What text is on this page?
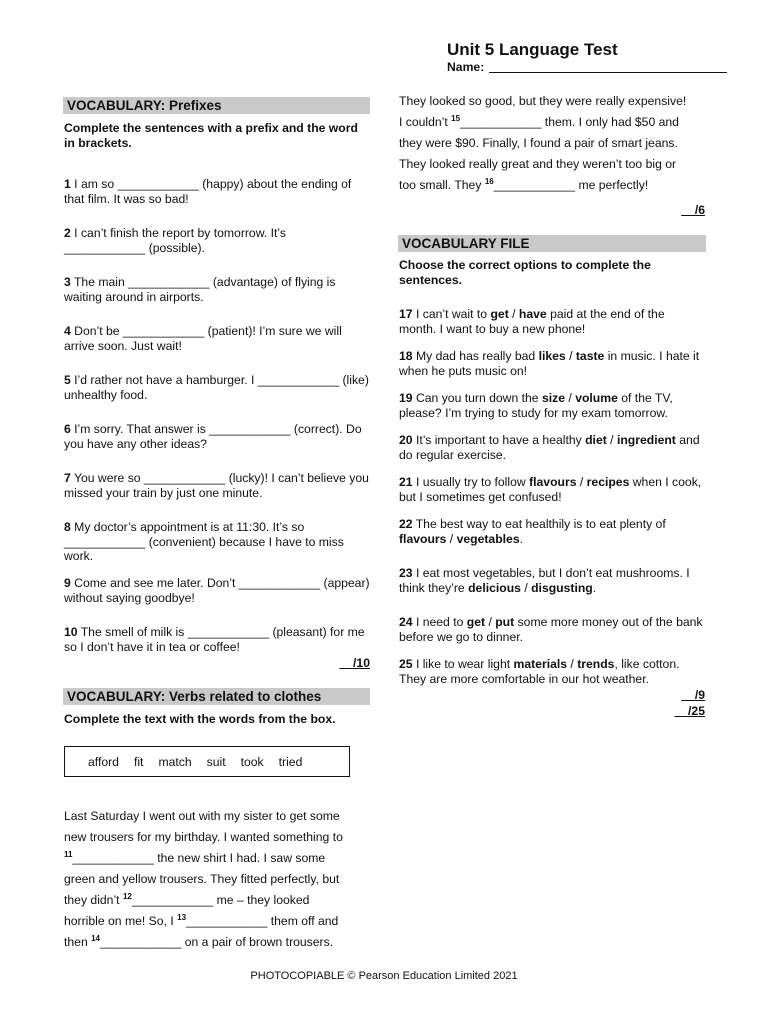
Unit 5 Language Test
Name:
VOCABULARY: Prefixes
Complete the sentences with a prefix and the word in brackets.
1 I am so ____________ (happy) about the ending of that film. It was so bad!
2 I can’t finish the report by tomorrow. It’s ____________ (possible).
3 The main ____________ (advantage) of flying is waiting around in airports.
4 Don’t be ____________ (patient)! I’m sure we will arrive soon. Just wait!
5 I’d rather not have a hamburger. I ____________ (like) unhealthy food.
6 I’m sorry. That answer is ____________ (correct). Do you have any other ideas?
7 You were so ____________ (lucky)! I can’t believe you missed your train by just one minute.
8 My doctor’s appointment is at 11:30. It’s so ____________ (convenient) because I have to miss work.
9 Come and see me later. Don’t ____________ (appear) without saying goodbye!
10 The smell of milk is ____________ (pleasant) for me so I don’t have it in tea or coffee!
__/10
VOCABULARY: Verbs related to clothes
Complete the text with the words from the box.
afford fit match suit took tried
Last Saturday I went out with my sister to get some
new trousers for my birthday. I wanted something to
$^{11}$____________ the new shirt I had. I saw some
green and yellow trousers. They fitted perfectly, but
they didn’t $^{12}$____________ me – they looked
horrible on me! So, I $^{13}$____________ them off and
then $^{14}$____________ on a pair of brown trousers.
They looked so good, but they were really expensive!
I couldn’t $^{15}$____________ them. I only had $50 and
they were $90. Finally, I found a pair of smart jeans.
They looked really great and they weren’t too big or
too small. They $^{16}$____________ me perfectly!
__/6
VOCABULARY FILE
Choose the correct options to complete the sentences.
17 I can’t wait to get / have paid at the end of the month. I want to buy a new phone!
18 My dad has really bad likes / taste in music. I hate it when he puts music on!
19 Can you turn down the size / volume of the TV, please? I’m trying to study for my exam tomorrow.
20 It’s important to have a healthy diet / ingredient and do regular exercise.
21 I usually try to follow flavours / recipes when I cook, but I sometimes get confused!
22 The best way to eat healthily is to eat plenty of flavours / vegetables.
23 I eat most vegetables, but I don’t eat mushrooms. I think they’re delicious / disgusting.
24 I need to get / put some more money out of the bank before we go to dinner.
25 I like to wear light materials / trends, like cotton. They are more comfortable in our hot weather.
__/9
__/25
PHOTOCOPIABLE © Pearson Education Limited 2021
